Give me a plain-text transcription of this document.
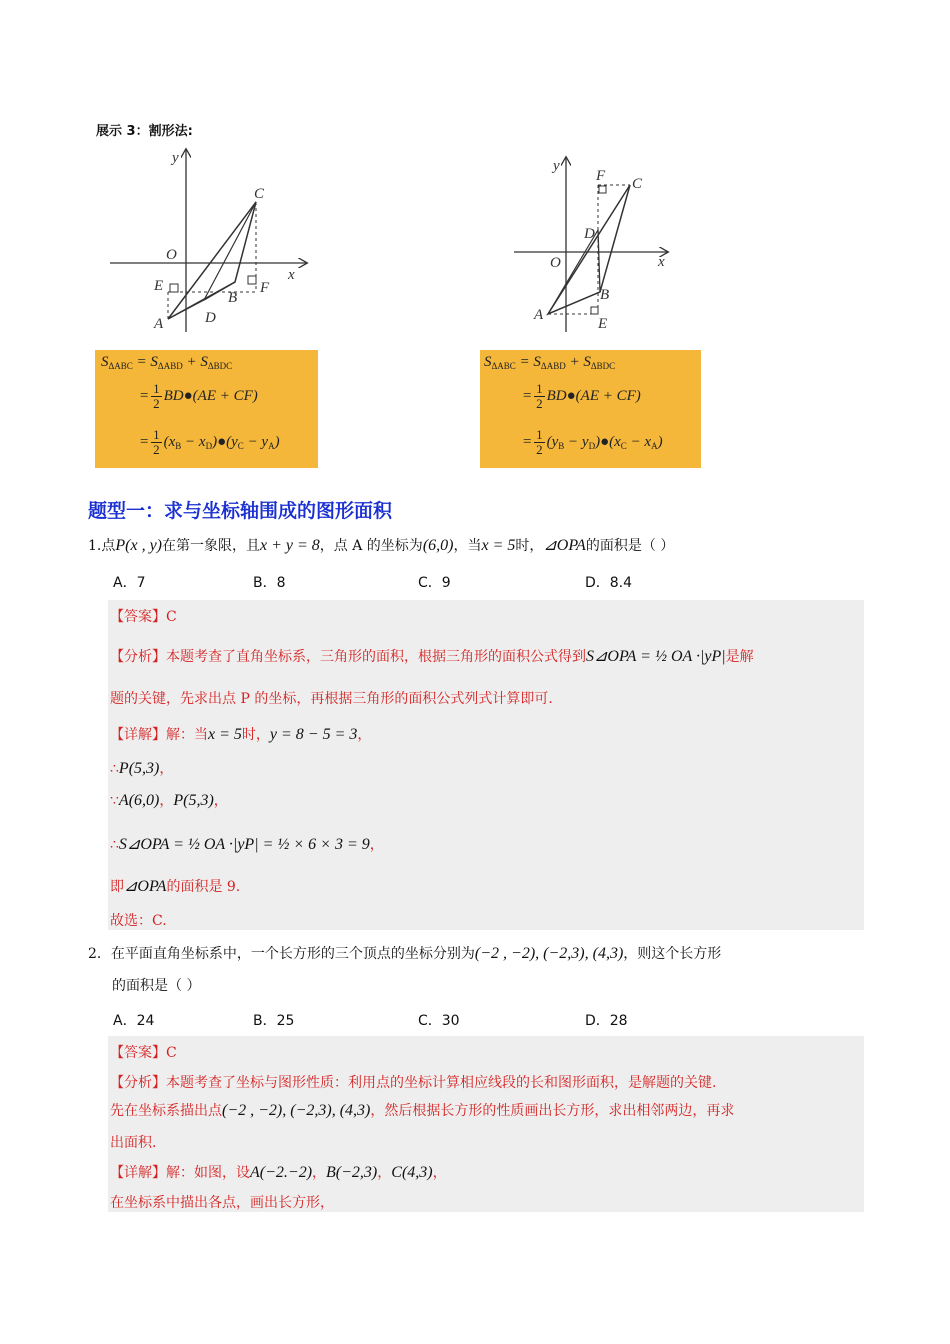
展示 3：割形法:
y
x
O
C
E
B
F
A	D
y
x
O
C
F
D
B
A
E
$S_{\Delta ABC} = S_{\Delta ABD} + S_{\Delta BDC}$
= $\frac{1}{2}$ BD●(AE + CF)
= $\frac{1}{2} (x_B$ − $x_D)●(y_C - y_A)$
$S_{\Delta ABC} = S_{\Delta ABD} + S_{\Delta BDC}$
= $\frac{1}{2}$ BD●(AE + CF)
= $\frac{1}{2} (y_B$ − $y_D)●(x_C - x_A)$
题型一：求与坐标轴围成的图形面积
1.点P(x , y)在第一象限，且x + y = 8，点 A 的坐标为(6,0)，当x = 5时，⊿OPA的面积是（ ）
A．7	B．8	C．9	D．8.4
【答案】C
【分析】本题考查了直角坐标系，三角形的面积，根据三角形的面积公式得到S⊿OPA = ½ OA ·|yP|是解
题的关键，先求出点 P 的坐标，再根据三角形的面积公式列式计算即可.
【详解】解：当x = 5时，y = 8 − 5 = 3，
∴P(5,3)，
∵A(6,0)，P(5,3)，
∴S⊿OPA = ½ OA ·|yP| = ½ × 6 × 3 = 9，
即⊿OPA的面积是 9.
故选：C.
2．在平面直角坐标系中，一个长方形的三个顶点的坐标分别为(−2 , −2), (−2,3), (4,3)，则这个长方形
的面积是（ ）
A．24	B．25	C．30	D．28
【答案】C
【分析】本题考查了坐标与图形性质：利用点的坐标计算相应线段的长和图形面积，是解题的关键.
先在坐标系描出点(−2 , −2), (−2,3), (4,3)，然后根据长方形的性质画出长方形，求出相邻两边，再求
出面积.
【详解】解：如图，设A(−2.−2)，B(−2,3)，C(4,3)，
在坐标系中描出各点，画出长方形，
